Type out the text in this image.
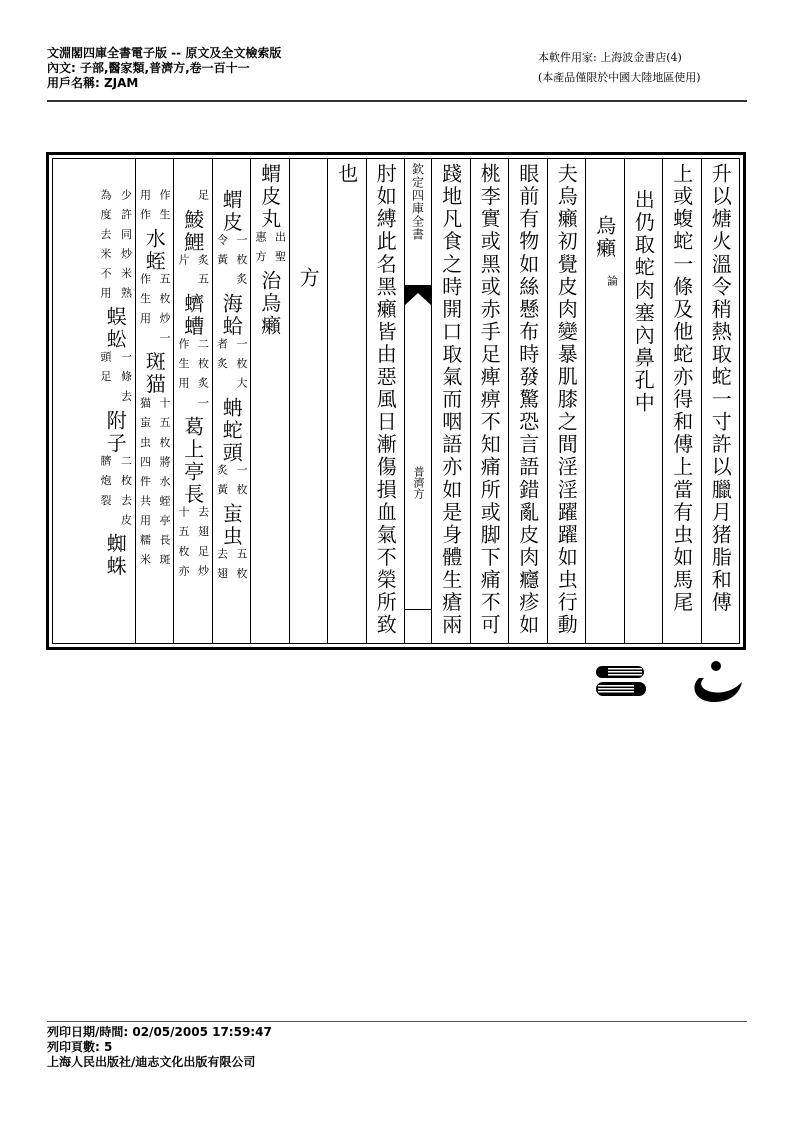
文淵閣四庫全書電子版 -- 原文及全文檢索版
內文: 子部,醫家類,普濟方,卷一百十一
用戶名稱: ZJAM
本軟件用家: 上海波金書店(4)
(本產品僅限於中國大陸地區使用)
升以煻火溫令稍熱取蛇一寸許以臘月猪脂和傅
上或蝮蛇一條及他蛇亦得和傅上當有虫如馬尾
出仍取蛇肉塞內鼻孔中
烏癩
論
夫烏癩初覺皮肉變暴肌膝之間淫淫躍躍如虫行動
眼前有物如絲懸布時發驚恐言語錯亂皮肉癮疹如
桃李實或黑或赤手足痺痹不知痛所或脚下痛不可
踐地凡食之時開口取氣而咽語亦如是身體生瘡兩
欽定四庫全書
普濟方
肘如縛此名黑癩皆由惡風日漸傷損血氣不榮所致
也
方
蝟皮丸
出聖
惠方
治烏癩
蝟皮
一枚
令黃
炙

海蛤
一枚
者炙
大

蚺蛇頭
一枚
炙黃
䖟虫
五枚
去翅
足

鯪鯉
炙
片
五

蠐螬
二枚
作生
炙
用
一

葛上亭長
去翅足炒
十五枚亦
作生
用作
水蛭
五枚炒
作生用
一

斑猫
十五枚將水蛭亭長斑
猫䖟虫四件共用糯米
少許同炒米熟
為度去米不用
蜈蚣
一條去
頭足
附子
二枚去皮
臍炮裂
蜘蛛
列印日期/時間: 02/05/2005 17:59:47
列印頁數: 5
上海人民出版社/迪志文化出版有限公司
